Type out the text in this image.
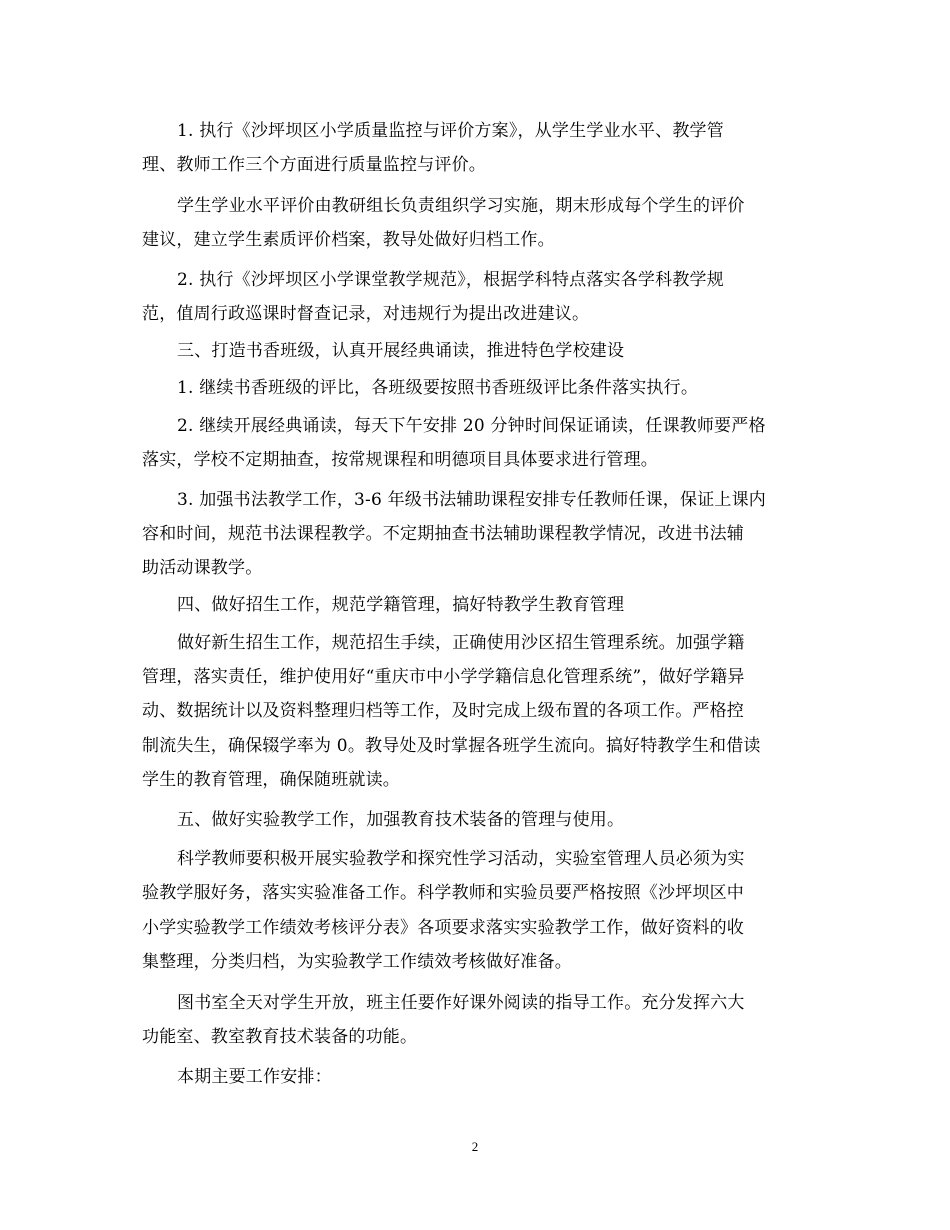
1. 执行《沙坪坝区小学质量监控与评价方案》，从学生学业水平、教学管
理、教师工作三个方面进行质量监控与评价。
学生学业水平评价由教研组长负责组织学习实施，期末形成每个学生的评价
建议，建立学生素质评价档案，教导处做好归档工作。
2. 执行《沙坪坝区小学课堂教学规范》，根据学科特点落实各学科教学规
范，值周行政巡课时督查记录，对违规行为提出改进建议。
三、打造书香班级，认真开展经典诵读，推进特色学校建设
1. 继续书香班级的评比，各班级要按照书香班级评比条件落实执行。
2. 继续开展经典诵读，每天下午安排 20 分钟时间保证诵读，任课教师要严格
落实，学校不定期抽查，按常规课程和明德项目具体要求进行管理。
3. 加强书法教学工作，3-6 年级书法辅助课程安排专任教师任课，保证上课内
容和时间，规范书法课程教学。不定期抽查书法辅助课程教学情况，改进书法辅
助活动课教学。
四、做好招生工作，规范学籍管理，搞好特教学生教育管理
做好新生招生工作，规范招生手续，正确使用沙区招生管理系统。加强学籍
管理，落实责任，维护使用好“重庆市中小学学籍信息化管理系统”，做好学籍异
动、数据统计以及资料整理归档等工作，及时完成上级布置的各项工作。严格控
制流失生，确保辍学率为 0。教导处及时掌握各班学生流向。搞好特教学生和借读
学生的教育管理，确保随班就读。
五、做好实验教学工作，加强教育技术装备的管理与使用。
科学教师要积极开展实验教学和探究性学习活动，实验室管理人员必须为实
验教学服好务，落实实验准备工作。科学教师和实验员要严格按照《沙坪坝区中
小学实验教学工作绩效考核评分表》各项要求落实实验教学工作，做好资料的收
集整理，分类归档，为实验教学工作绩效考核做好准备。
图书室全天对学生开放，班主任要作好课外阅读的指导工作。充分发挥六大
功能室、教室教育技术装备的功能。
本期主要工作安排：
2
